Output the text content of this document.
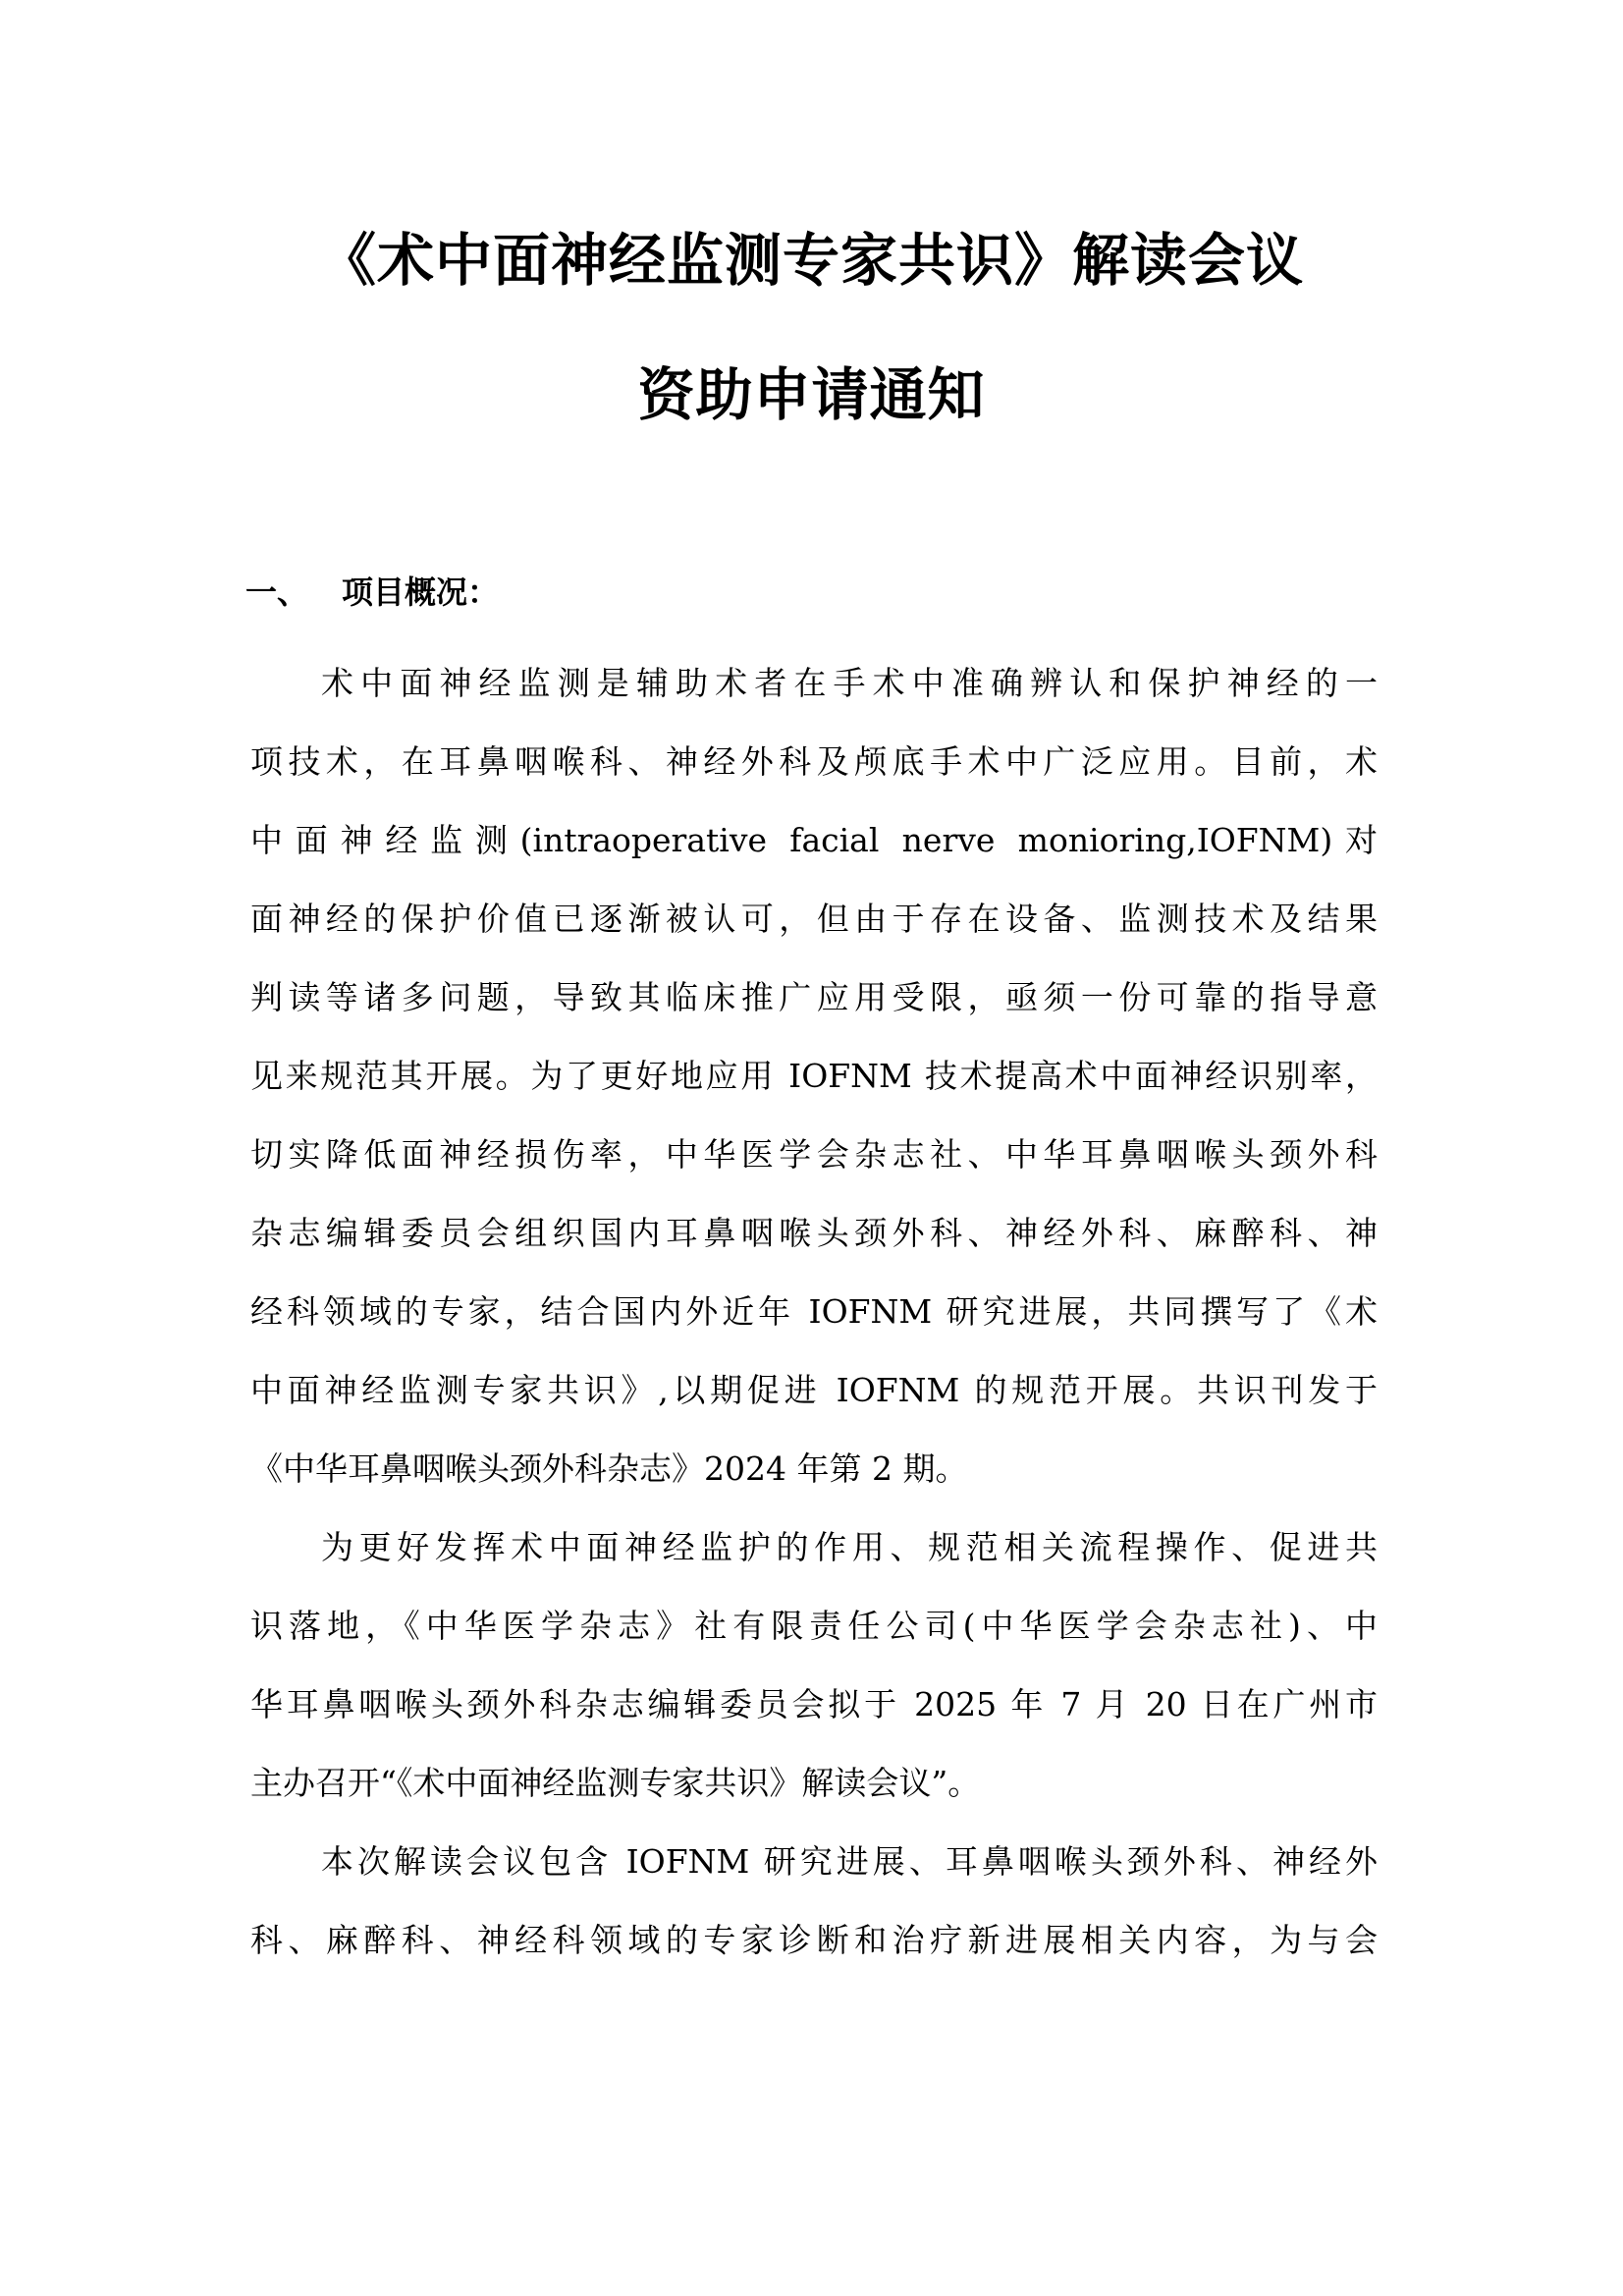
《术中面神经监测专家共识》解读会议
资助申请通知
一、 项目概况：
术中面神经监测是辅助术者在手术中准确辨认和保护神经的一
项技术，在耳鼻咽喉科、神经外科及颅底手术中广泛应用。目前，术
中面神经监测(intraoperative facial nerve monioring,IOFNM)对
面神经的保护价值已逐渐被认可，但由于存在设备、监测技术及结果
判读等诸多问题，导致其临床推广应用受限，亟须一份可靠的指导意
见来规范其开展。为了更好地应用 IOFNM 技术提高术中面神经识别率，
切实降低面神经损伤率，中华医学会杂志社、中华耳鼻咽喉头颈外科
杂志编辑委员会组织国内耳鼻咽喉头颈外科、神经外科、麻醉科、神
经科领域的专家，结合国内外近年 IOFNM 研究进展，共同撰写了《术
中面神经监测专家共识》,以期促进 IOFNM 的规范开展。共识刊发于
《中华耳鼻咽喉头颈外科杂志》2024 年第 2 期。
为更好发挥术中面神经监护的作用、规范相关流程操作、促进共
识落地，《中华医学杂志》社有限责任公司(中华医学会杂志社)、中
华耳鼻咽喉头颈外科杂志编辑委员会拟于 2025 年 7 月 20 日在广州市
主办召开“《术中面神经监测专家共识》解读会议”。
本次解读会议包含 IOFNM 研究进展、耳鼻咽喉头颈外科、神经外
科、麻醉科、神经科领域的专家诊断和治疗新进展相关内容，为与会
